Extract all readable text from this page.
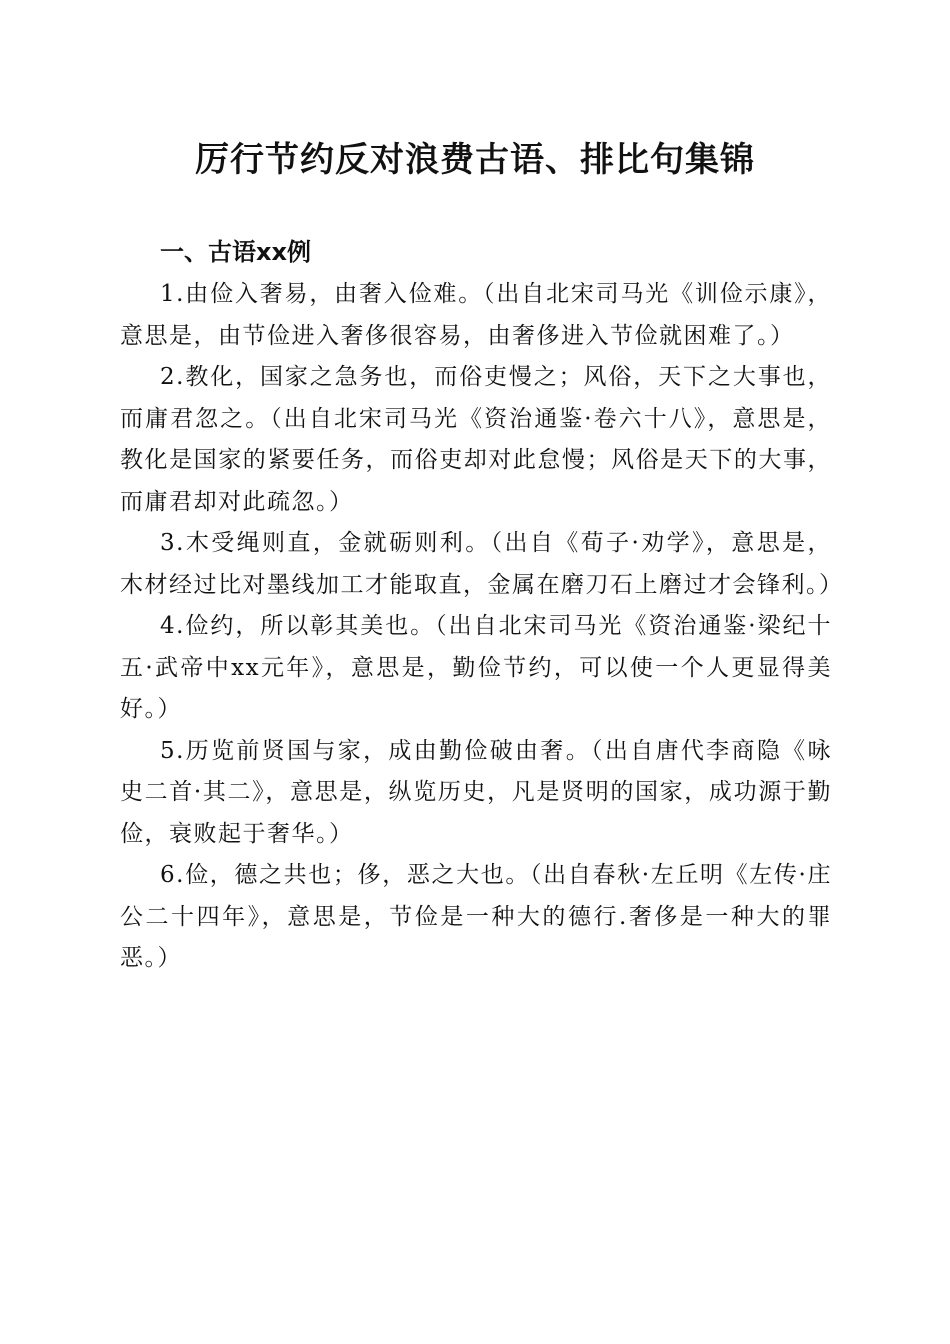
厉行节约反对浪费古语、排比句集锦
一、古语xx例

1.由俭入奢易，由奢入俭难。（出自北宋司马光《训俭示康》，意思是，由节俭进入奢侈很容易，由奢侈进入节俭就困难了。）

2.教化，国家之急务也，而俗吏慢之；风俗，天下之大事也，而庸君忽之。（出自北宋司马光《资治通鉴·卷六十八》，意思是，教化是国家的紧要任务，而俗吏却对此怠慢；风俗是天下的大事，而庸君却对此疏忽。）

3.木受绳则直，金就砺则利。（出自《荀子·劝学》，意思是，木材经过比对墨线加工才能取直，金属在磨刀石上磨过才会锋利。）

4.俭约，所以彰其美也。（出自北宋司马光《资治通鉴·梁纪十五·武帝中xx元年》，意思是，勤俭节约，可以使一个人更显得美好。）

5.历览前贤国与家，成由勤俭破由奢。（出自唐代李商隐《咏史二首·其二》，意思是，纵览历史，凡是贤明的国家，成功源于勤俭，衰败起于奢华。）

6.俭，德之共也；侈，恶之大也。（出自春秋·左丘明《左传·庄公二十四年》，意思是，节俭是一种大的德行.奢侈是一种大的罪恶。）
